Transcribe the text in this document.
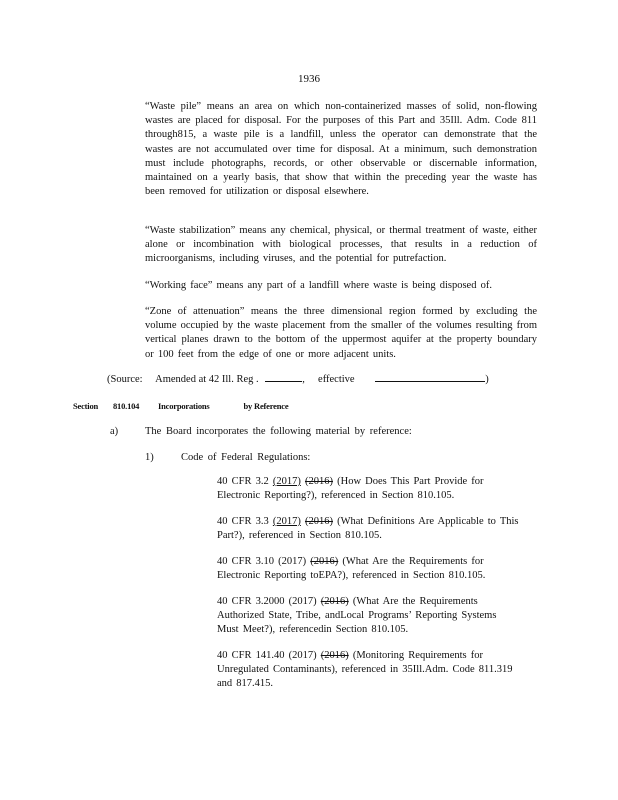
1936

“Waste pile” means an area on which non-containerized masses of solid, non-flowing wastes are placed for disposal. For the purposes of this Part and 35Ill. Adm. Code 811 through815, a waste pile is a landfill, unless the operator can demonstrate that the wastes are not accumulated over time for disposal. At a minimum, such demonstration must include photographs, records, or other observable or discernable information, maintained on a yearly basis, that show that within the preceding year the waste has been removed for utilization or disposal elsewhere.

“Waste stabilization” means any chemical, physical, or thermal treatment of waste, either alone or incombination with biological processes, that results in a reduction of microorganisms, including viruses, and the potential for putrefaction.

“Working face” means any part of a landfill where waste is being disposed of.

“Zone of attenuation” means the three dimensional region formed by excluding the volume occupied by the waste placement from the smaller of the volumes resulting from vertical planes drawn to the bottom of the uppermost aquifer at the property boundary or 100 feet from the edge of one or more adjacent units.

(Source: Amended at 42 Ill. Reg .	, effective	)
Section 810.104 Incorporations	by Reference
a)	The Board incorporates the following material by reference:
1)	Code of Federal Regulations:
40 CFR 3.2 (2017) (2016) (How Does This Part Provide for Electronic Reporting?), referenced in Section 810.105.
40 CFR 3.3 (2017) (2016) (What Definitions Are Applicable to This Part?), referenced in Section 810.105.
40 CFR 3.10 (2017) (2016) (What Are the Requirements for Electronic Reporting toEPA?), referenced in Section 810.105.
40 CFR 3.2000 (2017) (2016) (What Are the Requirements Authorized State, Tribe, andLocal Programs’ Reporting Systems Must Meet?), referencedin Section 810.105.
40 CFR 141.40 (2017) (2016) (Monitoring Requirements for Unregulated Contaminants), referenced in 35Ill.Adm. Code 811.319 and 817.415.
